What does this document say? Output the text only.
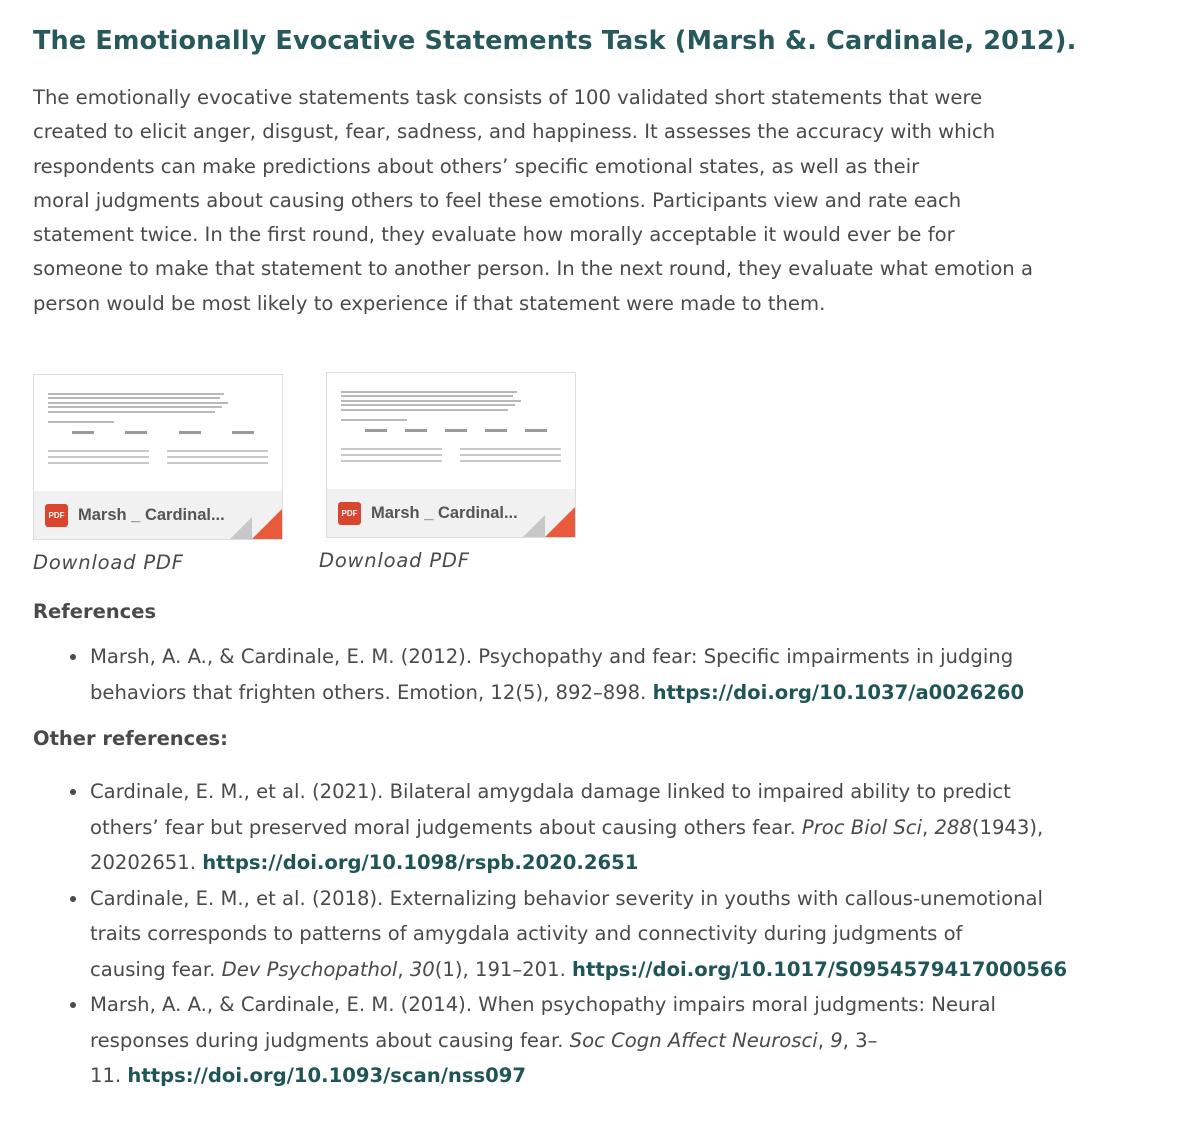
The Emotionally Evocative Statements Task (Marsh &. Cardinale, 2012).

The emotionally evocative statements task consists of 100 validated short statements that were
created to elicit anger, disgust, fear, sadness, and happiness. It assesses the accuracy with which
respondents can make predictions about others’ specific emotional states, as well as their
moral judgments about causing others to feel these emotions. Participants view and rate each
statement twice. In the first round, they evaluate how morally acceptable it would ever be for
someone to make that statement to another person. In the next round, they evaluate what emotion a
person would be most likely to experience if that statement were made to them.

PDF Marsh _ Cardinal...
Download PDF
PDF Marsh _ Cardinal...
Download PDF
References
Marsh, A. A., & Cardinale, E. M. (2012). Psychopathy and fear: Specific impairments in judging
behaviors that frighten others. Emotion, 12(5), 892–898. https://doi.org/10.1037/a0026260
Other references:
Cardinale, E. M., et al. (2021). Bilateral amygdala damage linked to impaired ability to predict
others’ fear but preserved moral judgements about causing others fear. Proc Biol Sci, 288(1943),
20202651. https://doi.org/10.1098/rspb.2020.2651
Cardinale, E. M., et al. (2018). Externalizing behavior severity in youths with callous-unemotional
traits corresponds to patterns of amygdala activity and connectivity during judgments of
causing fear. Dev Psychopathol, 30(1), 191–201. https://doi.org/10.1017/S0954579417000566
Marsh, A. A., & Cardinale, E. M. (2014). When psychopathy impairs moral judgments: Neural
responses during judgments about causing fear. Soc Cogn Affect Neurosci, 9, 3–
11. https://doi.org/10.1093/scan/nss097
